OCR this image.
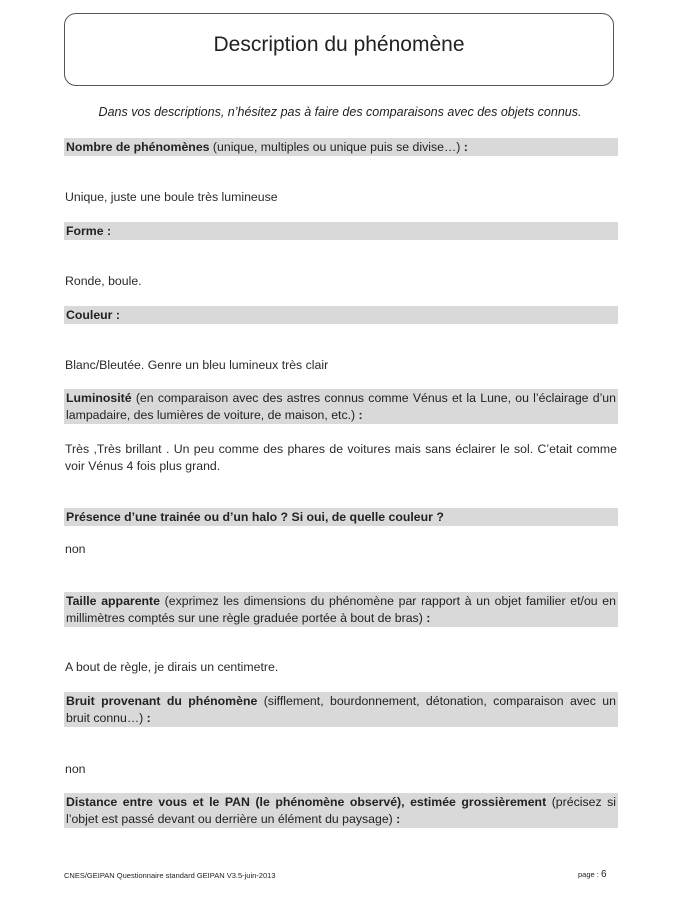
Description du phénomène
Dans vos descriptions, n’hésitez pas à faire des comparaisons avec des objets connus.
Nombre de phénomènes (unique, multiples ou unique puis se divise…) :
Unique, juste une boule très lumineuse
Forme :
Ronde, boule.
Couleur :
Blanc/Bleutée. Genre un bleu lumineux très clair
Luminosité (en comparaison avec des astres connus comme Vénus et la Lune, ou l’éclairage d’un lampadaire, des lumières de voiture, de maison, etc.) :
Très ,Très brillant . Un peu comme des phares de voitures mais sans éclairer le sol. C’etait comme voir Vénus 4 fois plus grand.
Présence d’une trainée ou d’un halo ? Si oui, de quelle couleur ?
non
Taille apparente (exprimez les dimensions du phénomène par rapport à un objet familier et/ou en millimètres comptés sur une règle graduée portée à bout de bras) :
A bout de règle, je dirais un centimetre.
Bruit provenant du phénomène (sifflement, bourdonnement, détonation, comparaison avec un bruit connu…) :
non
Distance entre vous et le PAN (le phénomène observé), estimée grossièrement (précisez si l’objet est passé devant ou derrière un élément du paysage) :
CNES/GEIPAN Questionnaire standard GEIPAN V3.5-juin-2013	page : 6
